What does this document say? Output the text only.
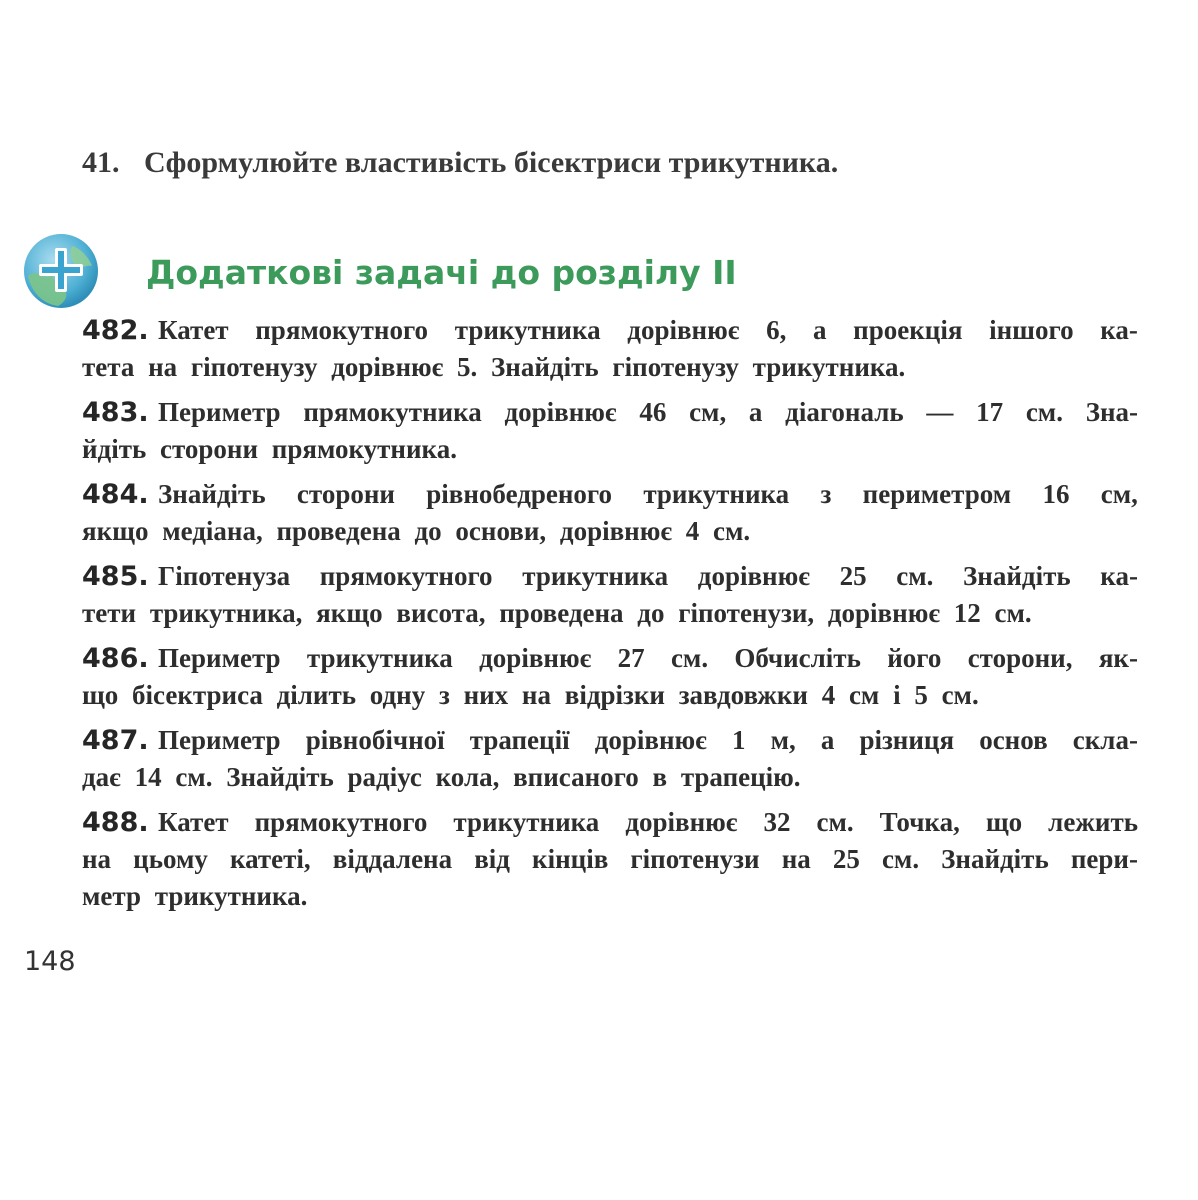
41. Сформулюйте властивість бісектриси трикутника.
Додаткові задачі до розділу II
482. Катет прямокутного трикутника дорівнює 6, а проекція іншого ка-
тета на гіпотенузу дорівнює 5. Знайдіть гіпотенузу трикутника.
483. Периметр прямокутника дорівнює 46 см, а діагональ — 17 см. Зна-
йдіть сторони прямокутника.
484. Знайдіть сторони рівнобедреного трикутника з периметром 16 см,
якщо медіана, проведена до основи, дорівнює 4 см.
485. Гіпотенуза прямокутного трикутника дорівнює 25 см. Знайдіть ка-
тети трикутника, якщо висота, проведена до гіпотенузи, дорівнює 12 см.
486. Периметр трикутника дорівнює 27 см. Обчисліть його сторони, як-
що бісектриса ділить одну з них на відрізки завдовжки 4 см і 5 см.
487. Периметр рівнобічної трапеції дорівнює 1 м, а різниця основ скла-
дає 14 см. Знайдіть радіус кола, вписаного в трапецію.
488. Катет прямокутного трикутника дорівнює 32 см. Точка, що лежить
на цьому катеті, віддалена від кінців гіпотенузи на 25 см. Знайдіть пери-
метр трикутника.
148
